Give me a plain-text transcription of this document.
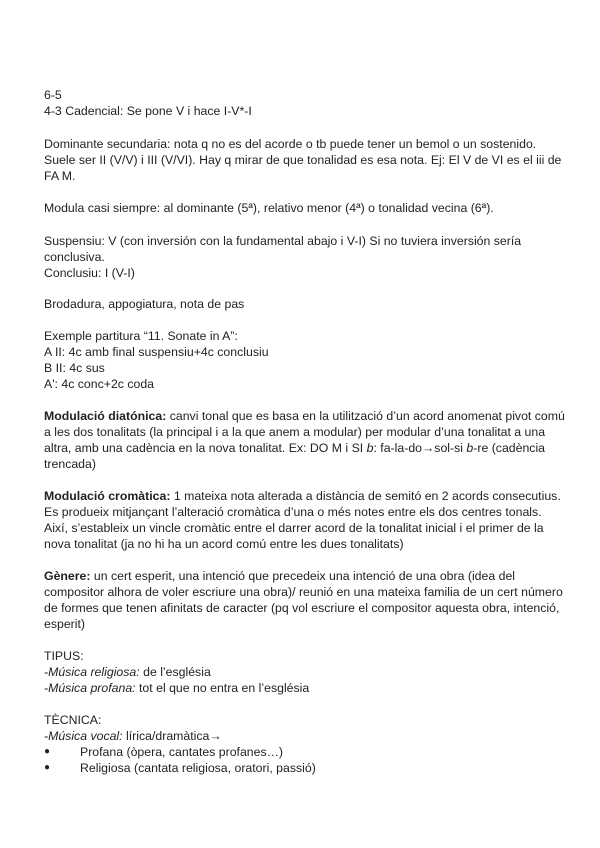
6-5
4-3 Cadencial: Se pone V i hace I-V*-I
Dominante secundaria: nota q no es del acorde o tb puede tener un bemol o un sostenido.
Suele ser II (V/V) i III (V/VI). Hay q mirar de que tonalidad es esa nota. Ej: El V de VI es el iii de
FA M.
Modula casi siempre: al dominante (5ª), relativo menor (4ª) o tonalidad vecina (6ª).
Suspensiu: V (con inversión con la fundamental abajo i V-I) Si no tuviera inversión sería
conclusiva.
Conclusiu: I (V-I)
Brodadura, appogiatura, nota de pas
Exemple partitura “11. Sonate in A”:
A II: 4c amb final suspensiu+4c conclusiu
B II: 4c sus
A': 4c conc+2c coda
Modulació diatónica: canvi tonal que es basa en la utilització d’un acord anomenat pivot comú
a les dos tonalitats (la principal i a la que anem a modular) per modular d’una tonalitat a una
altra, amb una cadència en la nova tonalitat. Ex: DO M i SI b: fa-la-do→sol-si b-re (cadència
trencada)
Modulació cromàtica: 1 mateixa nota alterada a distància de semitó en 2 acords consecutius.
Es produeix mitjançant l’alteració cromàtica d’una o més notes entre els dos centres tonals.
Així, s’estableix un vincle cromàtic entre el darrer acord de la tonalitat inicial i el primer de la
nova tonalitat (ja no hi ha un acord comú entre les dues tonalitats)
Gènere: un cert esperit, una intenció que precedeix una intenció de una obra (idea del
compositor alhora de voler escriure una obra)/ reunió en una mateixa familia de un cert número
de formes que tenen afinitats de caracter (pq vol escriure el compositor aquesta obra, intenció,
esperit)
TIPUS:
-Música religiosa: de l’església
-Música profana: tot el que no entra en l’església
TÈCNICA:
-Música vocal: lírica/dramàtica→
● Profana (òpera, cantates profanes…)
● Religiosa (cantata religiosa, oratori, passió)
